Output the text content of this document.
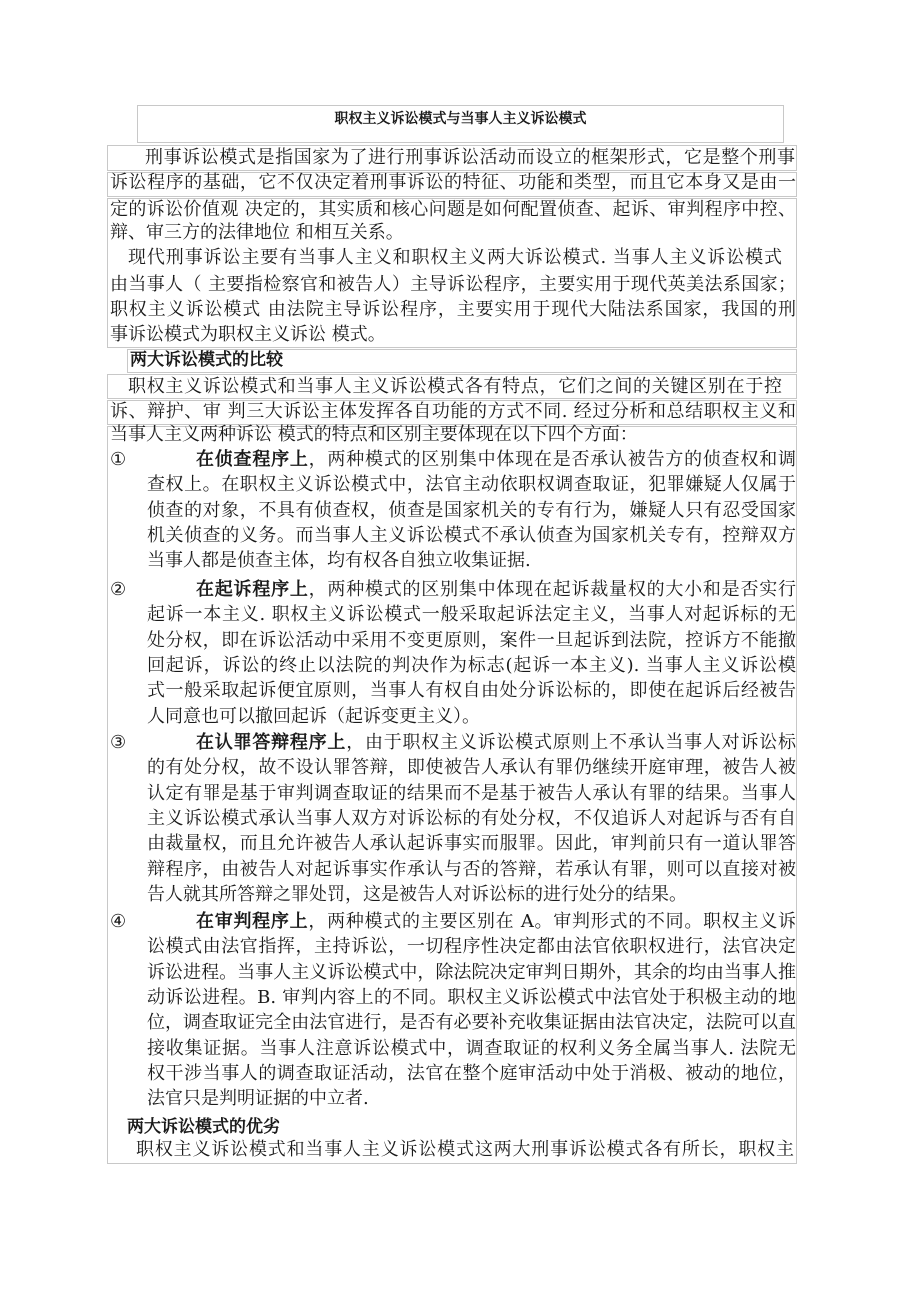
职权主义诉讼模式与当事人主义诉讼模式
刑事诉讼模式是指国家为了进行刑事诉讼活动而设立的框架形式，它是整个刑事
诉讼程序的基础，它不仅决定着刑事诉讼的特征、功能和类型，而且它本身又是由一
定的诉讼价值观 决定的，其实质和核心问题是如何配置侦查、起诉、审判程序中控、
辩、审三方的法律地位 和相互关系。
现代刑事诉讼主要有当事人主义和职权主义两大诉讼模式. 当事人主义诉讼模式
由当事人（ 主要指检察官和被告人）主导诉讼程序，主要实用于现代英美法系国家；
职权主义诉讼模式 由法院主导诉讼程序，主要实用于现代大陆法系国家，我国的刑
事诉讼模式为职权主义诉讼 模式。
两大诉讼模式的比较
职权主义诉讼模式和当事人主义诉讼模式各有特点，它们之间的关键区别在于控
诉、辩护、审 判三大诉讼主体发挥各自功能的方式不同. 经过分析和总结职权主义和
当事人主义两种诉讼 模式的特点和区别主要体现在以下四个方面：
①	在侦查程序上，两种模式的区别集中体现在是否承认被告方的侦查权和调
查权上。在职权主义诉讼模式中，法官主动依职权调查取证，犯罪嫌疑人仅属于
侦查的对象，不具有侦查权，侦查是国家机关的专有行为，嫌疑人只有忍受国家
机关侦查的义务。而当事人主义诉讼模式不承认侦查为国家机关专有，控辩双方
当事人都是侦查主体，均有权各自独立收集证据.
②	在起诉程序上，两种模式的区别集中体现在起诉裁量权的大小和是否实行
起诉一本主义. 职权主义诉讼模式一般采取起诉法定主义，当事人对起诉标的无
处分权，即在诉讼活动中采用不变更原则，案件一旦起诉到法院，控诉方不能撤
回起诉，诉讼的终止以法院的判决作为标志(起诉一本主义). 当事人主义诉讼模
式一般采取起诉便宜原则，当事人有权自由处分诉讼标的，即使在起诉后经被告
人同意也可以撤回起诉（起诉变更主义）。
③	在认罪答辩程序上，由于职权主义诉讼模式原则上不承认当事人对诉讼标
的有处分权，故不设认罪答辩，即使被告人承认有罪仍继续开庭审理，被告人被
认定有罪是基于审判调查取证的结果而不是基于被告人承认有罪的结果。当事人
主义诉讼模式承认当事人双方对诉讼标的有处分权，不仅追诉人对起诉与否有自
由裁量权，而且允许被告人承认起诉事实而服罪。因此，审判前只有一道认罪答
辩程序，由被告人对起诉事实作承认与否的答辩，若承认有罪，则可以直接对被
告人就其所答辩之罪处罚，这是被告人对诉讼标的进行处分的结果。
④	在审判程序上，两种模式的主要区别在 A。审判形式的不同。职权主义诉
讼模式由法官指挥，主持诉讼，一切程序性决定都由法官依职权进行，法官决定
诉讼进程。当事人主义诉讼模式中，除法院决定审判日期外，其余的均由当事人推
动诉讼进程。B. 审判内容上的不同。职权主义诉讼模式中法官处于积极主动的地
位，调查取证完全由法官进行，是否有必要补充收集证据由法官决定，法院可以直
接收集证据。当事人注意诉讼模式中，调查取证的权利义务全属当事人. 法院无
权干涉当事人的调查取证活动，法官在整个庭审活动中处于消极、被动的地位，
法官只是判明证据的中立者.
两大诉讼模式的优劣
职权主义诉讼模式和当事人主义诉讼模式这两大刑事诉讼模式各有所长，职权主
